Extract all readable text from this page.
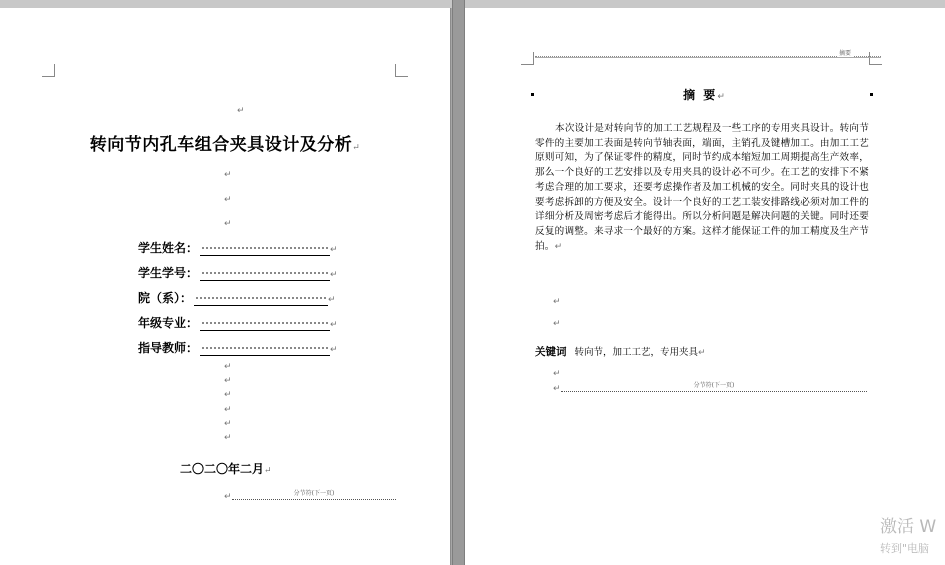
↵
转向节内孔车组合夹具设计及分析↵
↵
↵
↵
学生姓名：	↵
学生学号：	↵
院（系）：	↵
年级专业：	↵
指导教师：	↵
↵
↵
↵
↵
↵
↵
二〇二〇年二月↵
↵	分节符(下一页)
摘要
摘 要↵
本次设计是对转向节的加工工艺规程及一些工序的专用夹具设计。转向节零件的主要加工表面是转向节轴表面，端面，主销孔及键槽加工。由加工工艺原则可知，为了保证零件的精度，同时节约成本缩短加工周期提高生产效率，那么一个良好的工艺安排以及专用夹具的设计必不可少。在工艺的安排下不紧考虑合理的加工要求，还要考虑操作者及加工机械的安全。同时夹具的设计也要考虑拆卸的方便及安全。设计一个良好的工艺工装安排路线必须对加工件的详细分析及周密考虑后才能得出。所以分析问题是解决问题的关键。同时还要反复的调整。来寻求一个最好的方案。这样才能保证工件的加工精度及生产节拍。↵
↵
↵
关键词 转向节，加工工艺，专用夹具↵
↵
↵	分节符(下一页)
激活 W
转到"电脑
